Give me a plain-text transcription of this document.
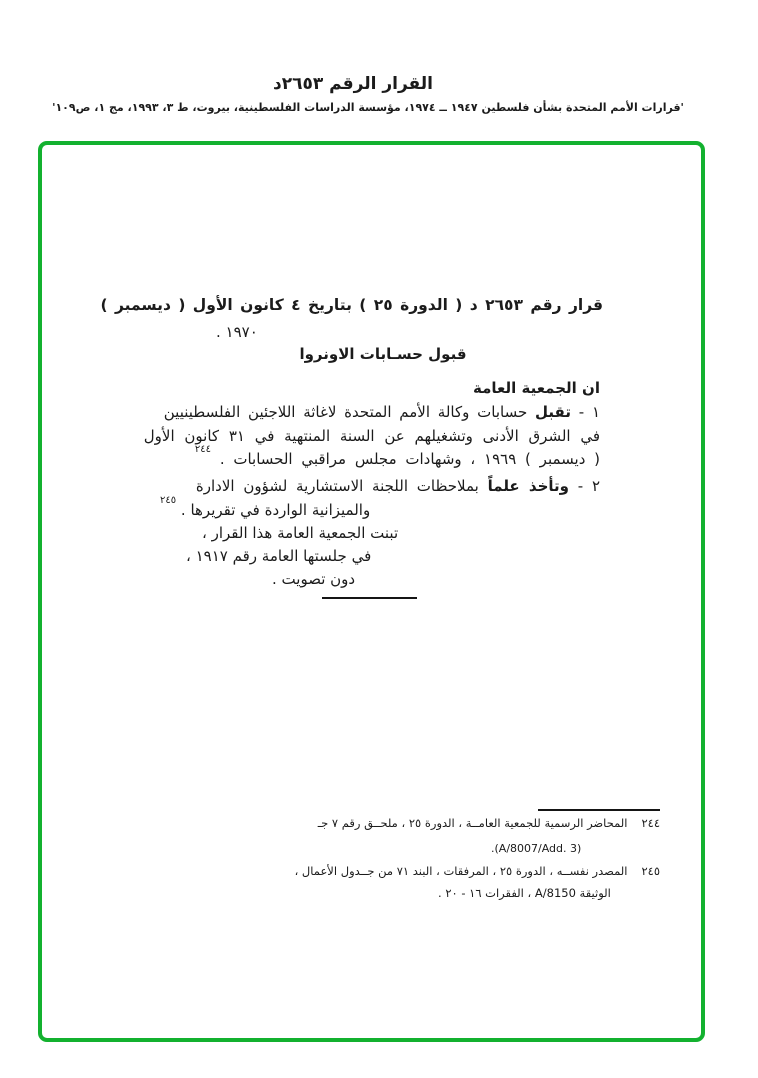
القرار الرقم ٢٦٥٣د
'قرارات الأمم المتحدة بشأن فلسطين ١٩٤٧ ــ ١٩٧٤، مؤسسة الدراسات الفلسطينية، بيروت، ط ٣، ١٩٩٣، مج ١، ص١٠٩'
قرار رقم ٢٦٥٣ د ( الدورة ٢٥ ) بتاريخ ٤ كانون الأول ( ديسمبر )
١٩٧٠ .
قبول حسـابات الاونروا
ان الجمعية العامة
١ - تقبل حسابات وكالة الأمم المتحدة لاغاثة اللاجئين الفلسطينيين
في الشرق الأدنى وتشغيلهم عن السنة المنتهية في ٣١ كانون الأول
( ديسمبر ) ١٩٦٩ ، وشهادات مجلس مراقبي الحسابات . $^{٢٤٤}$
٢ - وتأخذ علماً بملاحظات اللجنة الاستشارية لشؤون الادارة
والميزانية الواردة في تقريرها . $^{٢٤٥}$
تبنت الجمعية العامة هذا القرار ،
في جلستها العامة رقم ١٩١٧ ،
دون تصويت .
٢٤٤المحاضر الرسمية للجمعية العامــة ، الدورة ٢٥ ، ملحــق رقم ٧ جـ
(A/8007/Add. 3).
٢٤٥المصدر نفســه ، الدورة ٢٥ ، المرفقات ، البند ٧١ من جــدول الأعمال ،
الوثيقة A/8150 ، الفقرات ١٦ - ٢٠ .
